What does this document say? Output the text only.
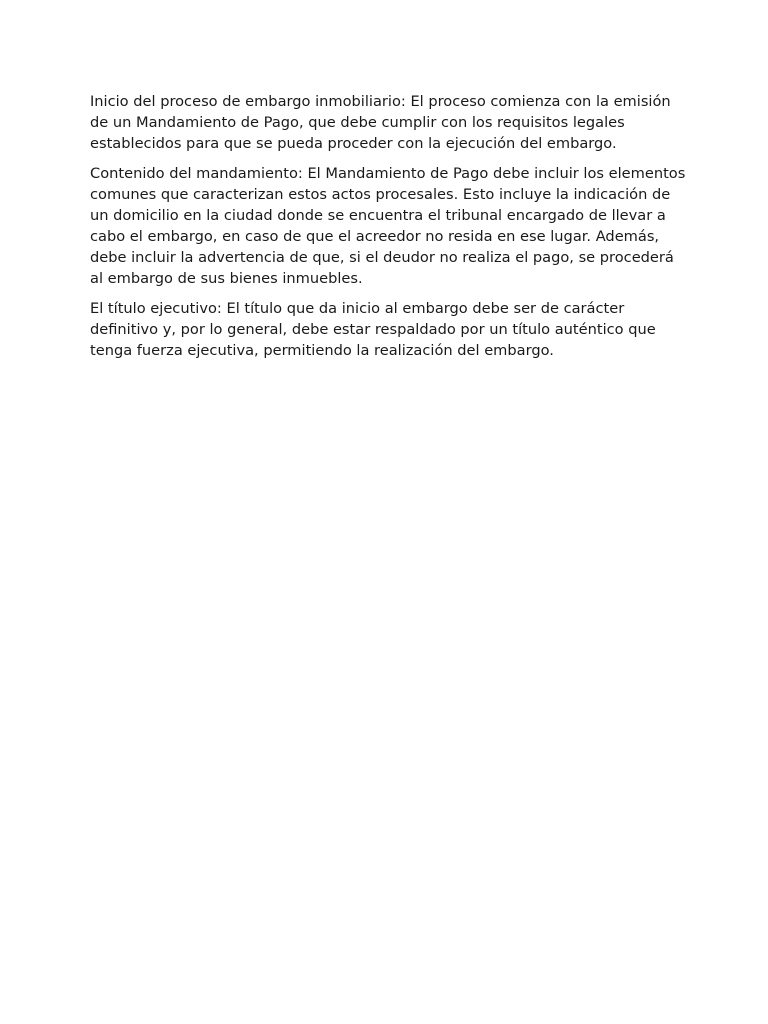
Inicio del proceso de embargo inmobiliario: El proceso comienza con la emisión de un Mandamiento de Pago, que debe cumplir con los requisitos legales establecidos para que se pueda proceder con la ejecución del embargo.

Contenido del mandamiento: El Mandamiento de Pago debe incluir los elementos comunes que caracterizan estos actos procesales. Esto incluye la indicación de un domicilio en la ciudad donde se encuentra el tribunal encargado de llevar a cabo el embargo, en caso de que el acreedor no resida en ese lugar. Además, debe incluir la advertencia de que, si el deudor no realiza el pago, se procederá al embargo de sus bienes inmuebles.

El título ejecutivo: El título que da inicio al embargo debe ser de carácter definitivo y, por lo general, debe estar respaldado por un título auténtico que tenga fuerza ejecutiva, permitiendo la realización del embargo.
